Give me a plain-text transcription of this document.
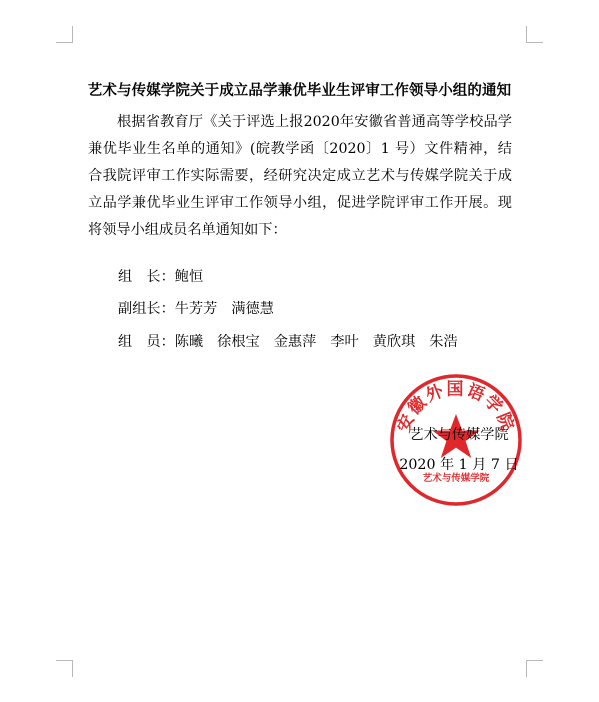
艺术与传媒学院关于成立品学兼优毕业生评审工作领导小组的通知

根据省教育厅《关于评选上报2020年安徽省普通高等学校品学兼优毕业生名单的通知》(皖教学函〔2020〕1 号）文件精神，结合我院评审工作实际需要，经研究决定成立艺术与传媒学院关于成立品学兼优毕业生评审工作领导小组，促进学院评审工作开展。现将领导小组成员名单通知如下：

组　长：鲍恒
副组长：牛芳芳 满德慧
组　员：陈曦 徐根宝 金惠萍 李叶 黄欣琪 朱浩
安徽外国语学院
艺术与传媒学院
艺术与传媒学院
2020 年 1 月 7 日
